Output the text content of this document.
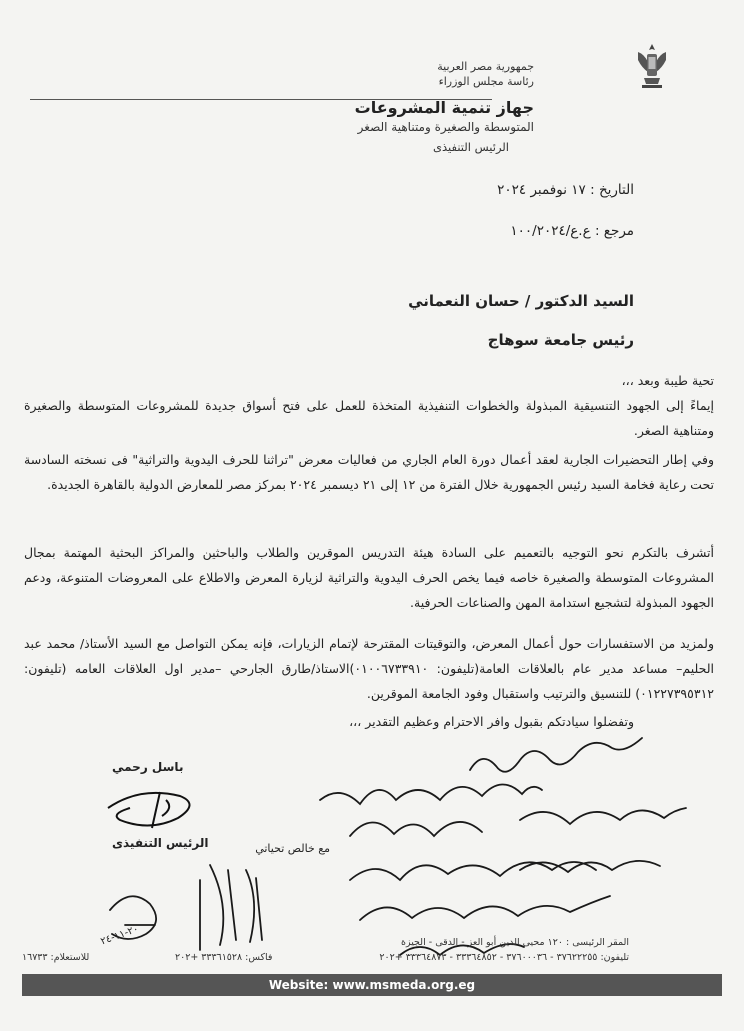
جمهورية مصر العربية
رئاسة مجلس الوزراء
جهاز تنمية المشروعات
المتوسطة والصغيرة ومتناهية الصغر
الرئيس التنفيذى
التاريخ : ١٧ نوفمبر ٢٠٢٤
مرجع : ع.ع/١٠٠/٢٠٢٤
السيد الدكتور / حسان النعماني
رئيس جامعة سوهاج
تحية طيبة وبعد ،،،
إيماءً إلى الجهود التنسيقية المبذولة والخطوات التنفيذية المتخذة للعمل على فتح أسواق جديدة للمشروعات المتوسطة والصغيرة ومتناهية الصغر.
وفي إطار التحضيرات الجارية لعقد أعمال دورة العام الجاري من فعاليات معرض "تراثنا للحرف اليدوية والتراثية" فى نسخته السادسة تحت رعاية فخامة السيد رئيس الجمهورية خلال الفترة من ١٢ إلى ٢١ ديسمبر ٢٠٢٤ بمركز مصر للمعارض الدولية بالقاهرة الجديدة.
أتشرف بالتكرم نحو التوجيه بالتعميم على السادة هيئة التدريس الموقرين والطلاب والباحثين والمراكز البحثية المهتمة بمجال المشروعات المتوسطة والصغيرة خاصه فيما يخص الحرف اليدوية والتراثية لزيارة المعرض والاطلاع على المعروضات المتنوعة، ودعم الجهود المبذولة لتشجيع استدامة المهن والصناعات الحرفية.
ولمزيد من الاستفسارات حول أعمال المعرض، والتوقيتات المقترحة لإتمام الزيارات، فإنه يمكن التواصل مع السيد الأستاذ/ محمد عبد الحليم– مساعد مدير عام بالعلاقات العامة(تليفون: ٠١٠٠٦٧٣٣٩١٠)الاستاذ/طارق الجارحي –مدير اول العلاقات العامه (تليفون: ٠١٢٢٧٣٩٥٣١٢) للتنسيق والترتيب واستقبال وفود الجامعة الموقرين.
وتفضلوا سيادتكم بقبول وافر الاحترام وعظيم التقدير ،،،
باسل رحمي
الرئيس التنفيذى	مع خالص تحياتي
٢٠-١١-٢٤
المقر الرئيسى : ١٢٠ محيى الدين أبو العز - الدقى - الجيزة
تليفون: ٣٧٦٢٢٢٥٥ - ٣٧٦٠٠٠٣٦ - ٣٣٣٦٤٨٥٢ - ٣٣٣٦٤٨٧٣ +٢٠٢
فاكس: ٣٣٣٦١٥٢٨ +٢٠٢
للاستعلام: ١٦٧٣٣
Website: www.msmeda.org.eg
